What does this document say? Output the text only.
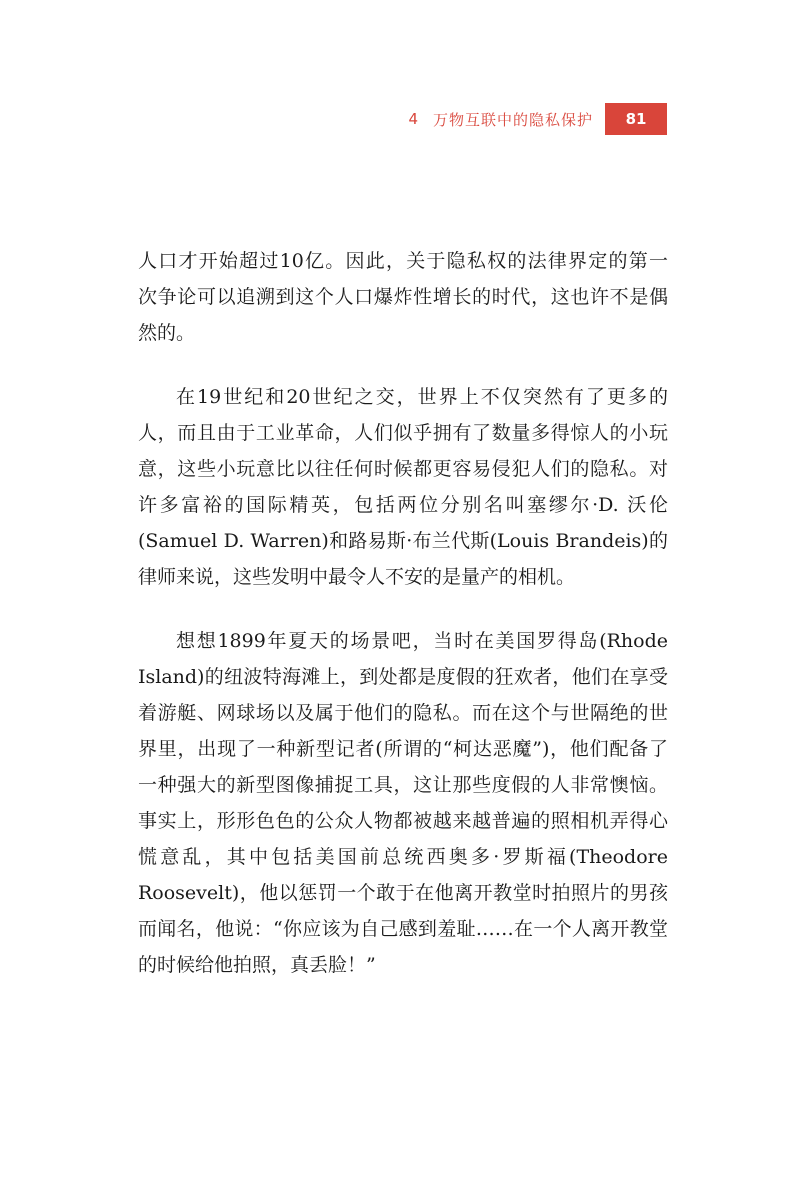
4 万物互联中的隐私保护	81
人口才开始超过10亿。因此，关于隐私权的法律界定的第一
次争论可以追溯到这个人口爆炸性增长的时代，这也许不是偶
然的。
在19世纪和20世纪之交，世界上不仅突然有了更多的
人，而且由于工业革命，人们似乎拥有了数量多得惊人的小玩
意，这些小玩意比以往任何时候都更容易侵犯人们的隐私。对
许多富裕的国际精英，包括两位分别名叫塞缪尔·D. 沃伦
(Samuel D. Warren)和路易斯·布兰代斯(Louis Brandeis)的
律师来说，这些发明中最令人不安的是量产的相机。
想想1899年夏天的场景吧，当时在美国罗得岛(Rhode
Island)的纽波特海滩上，到处都是度假的狂欢者，他们在享受
着游艇、网球场以及属于他们的隐私。而在这个与世隔绝的世
界里，出现了一种新型记者(所谓的“柯达恶魔”)，他们配备了
一种强大的新型图像捕捉工具，这让那些度假的人非常懊恼。
事实上，形形色色的公众人物都被越来越普遍的照相机弄得心
慌意乱，其中包括美国前总统西奥多·罗斯福(Theodore
Roosevelt)，他以惩罚一个敢于在他离开教堂时拍照片的男孩
而闻名，他说：“你应该为自己感到羞耻……在一个人离开教堂
的时候给他拍照，真丢脸！”
